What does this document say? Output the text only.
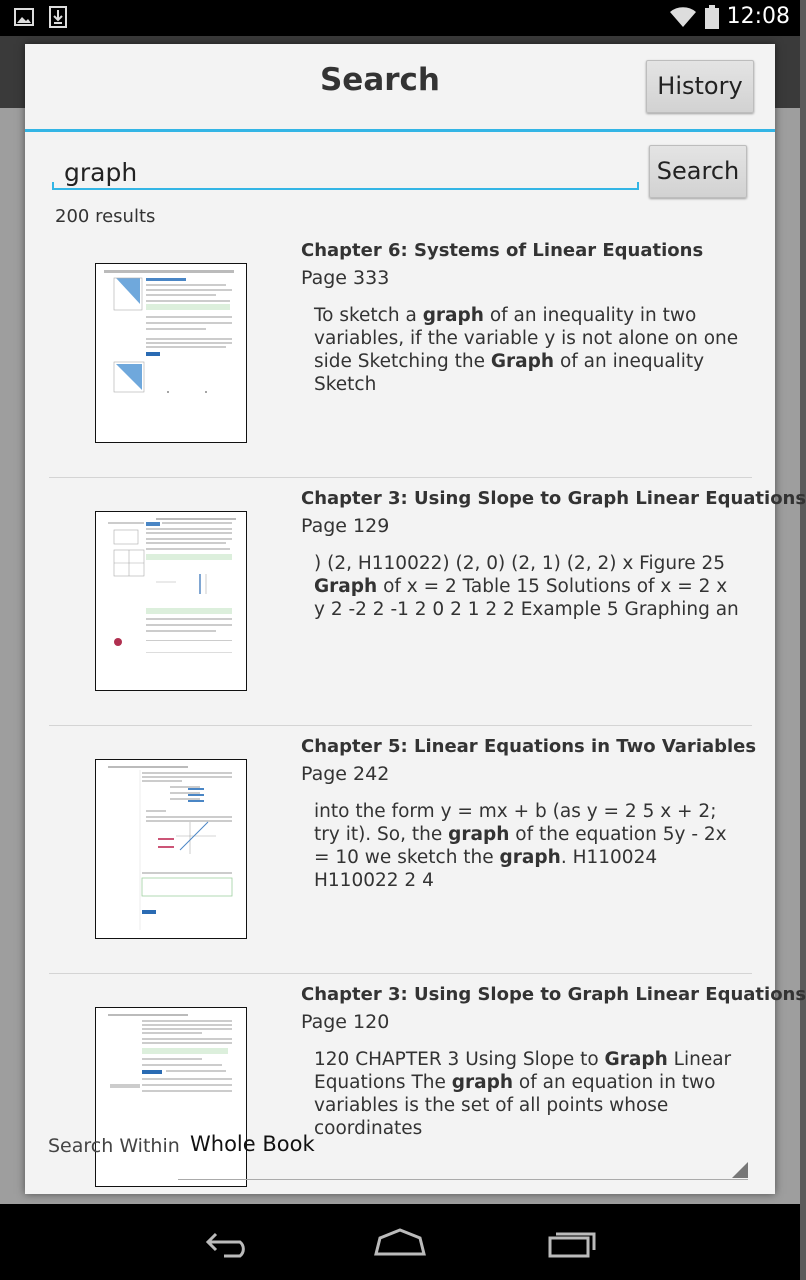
12:08
Search	History
graph
Search
200 results
Chapter 6: Systems of Linear Equations
Page 333
To sketch a graph of an inequality in two variables, if the variable y is not alone on one side Sketching the Graph of an inequality Sketch
Chapter 3: Using Slope to Graph Linear Equations
Page 129
) (2, H110022) (2, 0) (2, 1) (2, 2) x Figure 25 Graph of x = 2 Table 15 Solutions of x = 2 x y 2 -2 2 -1 2 0 2 1 2 2 Example 5 Graphing an
Chapter 5: Linear Equations in Two Variables
Page 242
into the form y = mx + b (as y = 2 5 x + 2; try it). So, the graph of the equation 5y - 2x = 10 we sketch the graph. H110024 H110022 2 4
Chapter 3: Using Slope to Graph Linear Equations
Page 120
120 CHAPTER 3 Using Slope to Graph Linear Equations The graph of an equation in two variables is the set of all points whose coordinates
Search Within Whole Book
